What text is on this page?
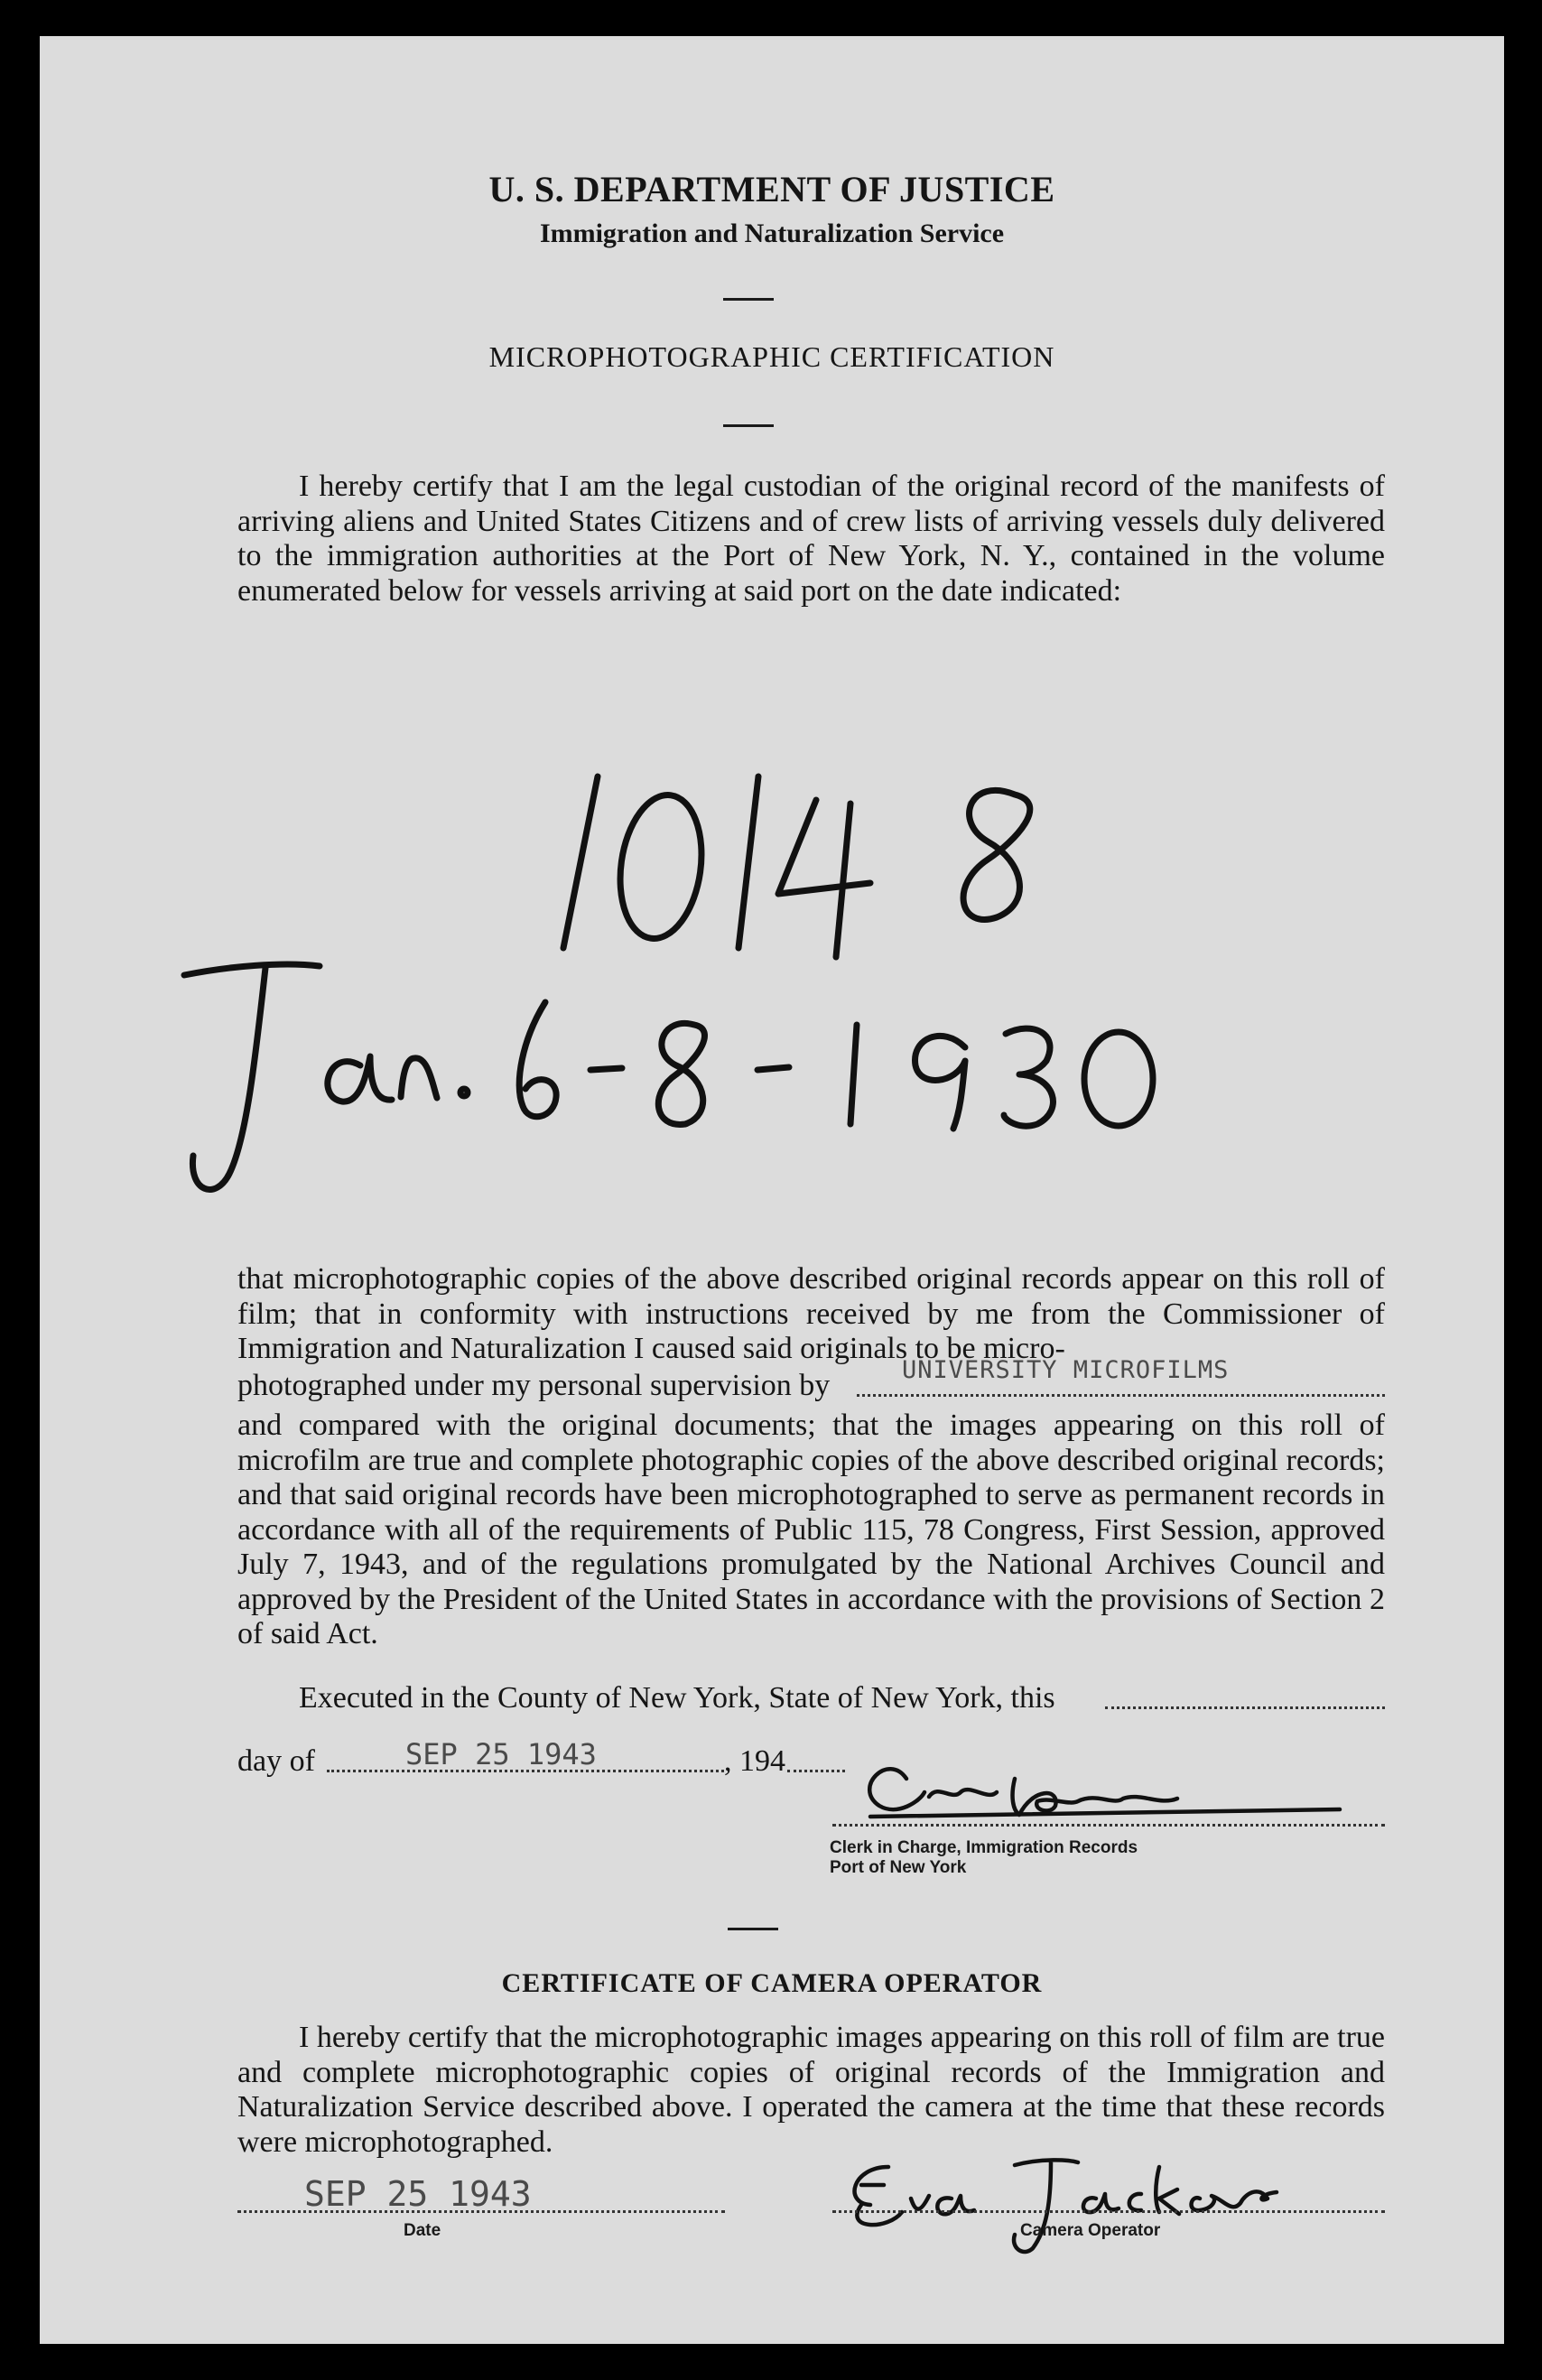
U. S. DEPARTMENT OF JUSTICE
Immigration and Naturalization Service
MICROPHOTOGRAPHIC CERTIFICATION
I hereby certify that I am the legal custodian of the original record of the manifests of arriving aliens and United States Citizens and of crew lists of arriving vessels duly delivered to the immigration authorities at the Port of New York, N. Y., contained in the volume enumerated below for vessels arriving at said port on the date indicated:
that microphotographic copies of the above described original records appear on this roll of film; that in conformity with instructions received by me from the Commissioner of Immigration and Naturalization I caused said originals to be micro-
photographed under my personal supervision by	UNIVERSITY MICROFILMS
and compared with the original documents; that the images appearing on this roll of microfilm are true and complete photographic copies of the above described original records; and that said original records have been microphotographed to serve as permanent records in accordance with all of the requirements of Public 115, 78 Congress, First Session, approved July 7, 1943, and of the regulations promulgated by the National Archives Council and approved by the President of the United States in accordance with the provisions of Section 2 of said Act.
Executed in the County of New York, State of New York, this
day of	SEP 25 1943	, 194
Clerk in Charge, Immigration Records
Port of New York
CERTIFICATE OF CAMERA OPERATOR
I hereby certify that the microphotographic images appearing on this roll of film are true and complete microphotographic copies of original records of the Immigration and Naturalization Service described above. I operated the camera at the time that these records were microphotographed.
SEP 25 1943
Date	Camera Operator
